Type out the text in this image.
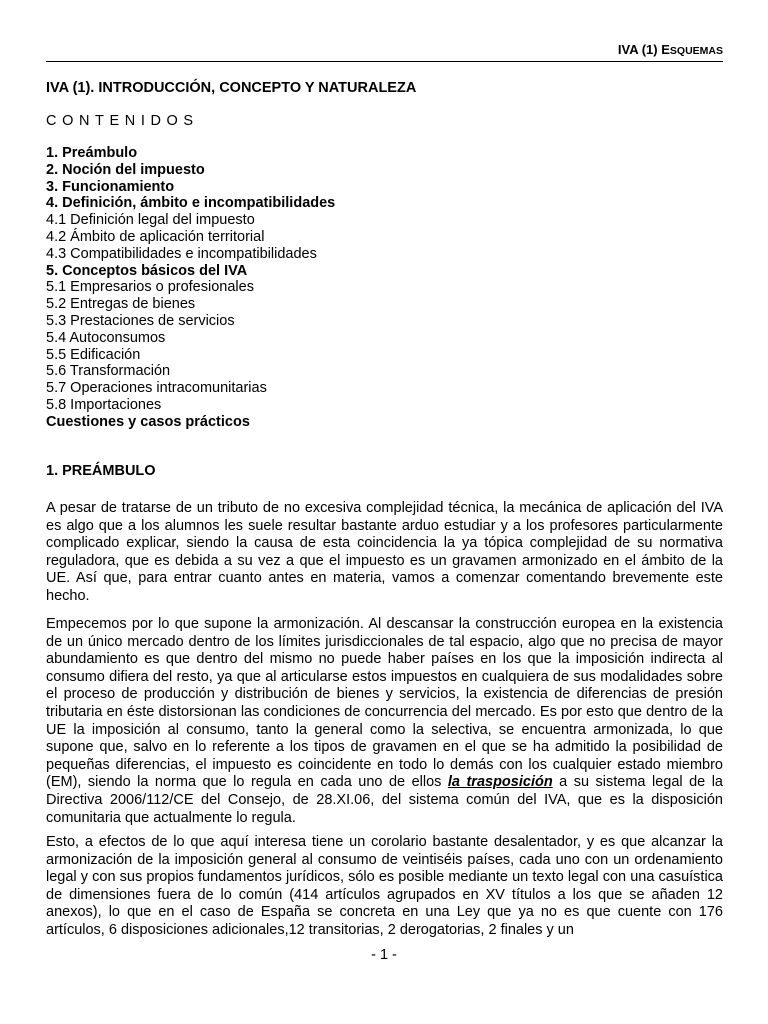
IVA (1) ESQUEMAS
IVA (1). INTRODUCCIÓN, CONCEPTO Y NATURALEZA
CONTENIDOS
1. Preámbulo
2. Noción del impuesto
3. Funcionamiento
4. Definición, ámbito e incompatibilidades
4.1 Definición legal del impuesto
4.2 Ámbito de aplicación territorial
4.3 Compatibilidades e incompatibilidades
5. Conceptos básicos del IVA
5.1 Empresarios o profesionales
5.2 Entregas de bienes
5.3 Prestaciones de servicios
5.4 Autoconsumos
5.5 Edificación
5.6 Transformación
5.7 Operaciones intracomunitarias
5.8 Importaciones
Cuestiones y casos prácticos
1. PREÁMBULO

A pesar de tratarse de un tributo de no excesiva complejidad técnica, la mecánica de aplicación del IVA es algo que a los alumnos les suele resultar bastante arduo estudiar y a los profesores particularmente complicado explicar, siendo la causa de esta coincidencia la ya tópica complejidad de su normativa reguladora, que es debida a su vez a que el impuesto es un gravamen armonizado en el ámbito de la UE. Así que, para entrar cuanto antes en materia, vamos a comenzar comentando brevemente este hecho.

Empecemos por lo que supone la armonización. Al descansar la construcción europea en la existencia de un único mercado dentro de los límites jurisdiccionales de tal espacio, algo que no precisa de mayor abundamiento es que dentro del mismo no puede haber países en los que la imposición indirecta al consumo difiera del resto, ya que al articularse estos impuestos en cualquiera de sus modalidades sobre el proceso de producción y distribución de bienes y servicios, la existencia de diferencias de presión tributaria en éste distorsionan las condiciones de concurrencia del mercado. Es por esto que dentro de la UE la imposición al consumo, tanto la general como la selectiva, se encuentra armonizada, lo que supone que, salvo en lo referente a los tipos de gravamen en el que se ha admitido la posibilidad de pequeñas diferencias, el impuesto es coincidente en todo lo demás con los cualquier estado miembro (EM), siendo la norma que lo regula en cada uno de ellos la trasposición a su sistema legal de la Directiva 2006/112/CE del Consejo, de 28.XI.06, del sistema común del IVA, que es la disposición comunitaria que actualmente lo regula.

Esto, a efectos de lo que aquí interesa tiene un corolario bastante desalentador, y es que alcanzar la armonización de la imposición general al consumo de veintiséis países, cada uno con un ordenamiento legal y con sus propios fundamentos jurídicos, sólo es posible mediante un texto legal con una casuística de dimensiones fuera de lo común (414 artículos agrupados en XV títulos a los que se añaden 12 anexos), lo que en el caso de España se concreta en una Ley que ya no es que cuente con 176 artículos, 6 disposiciones adicionales,12 transitorias, 2 derogatorias, 2 finales y un

- 1 -
